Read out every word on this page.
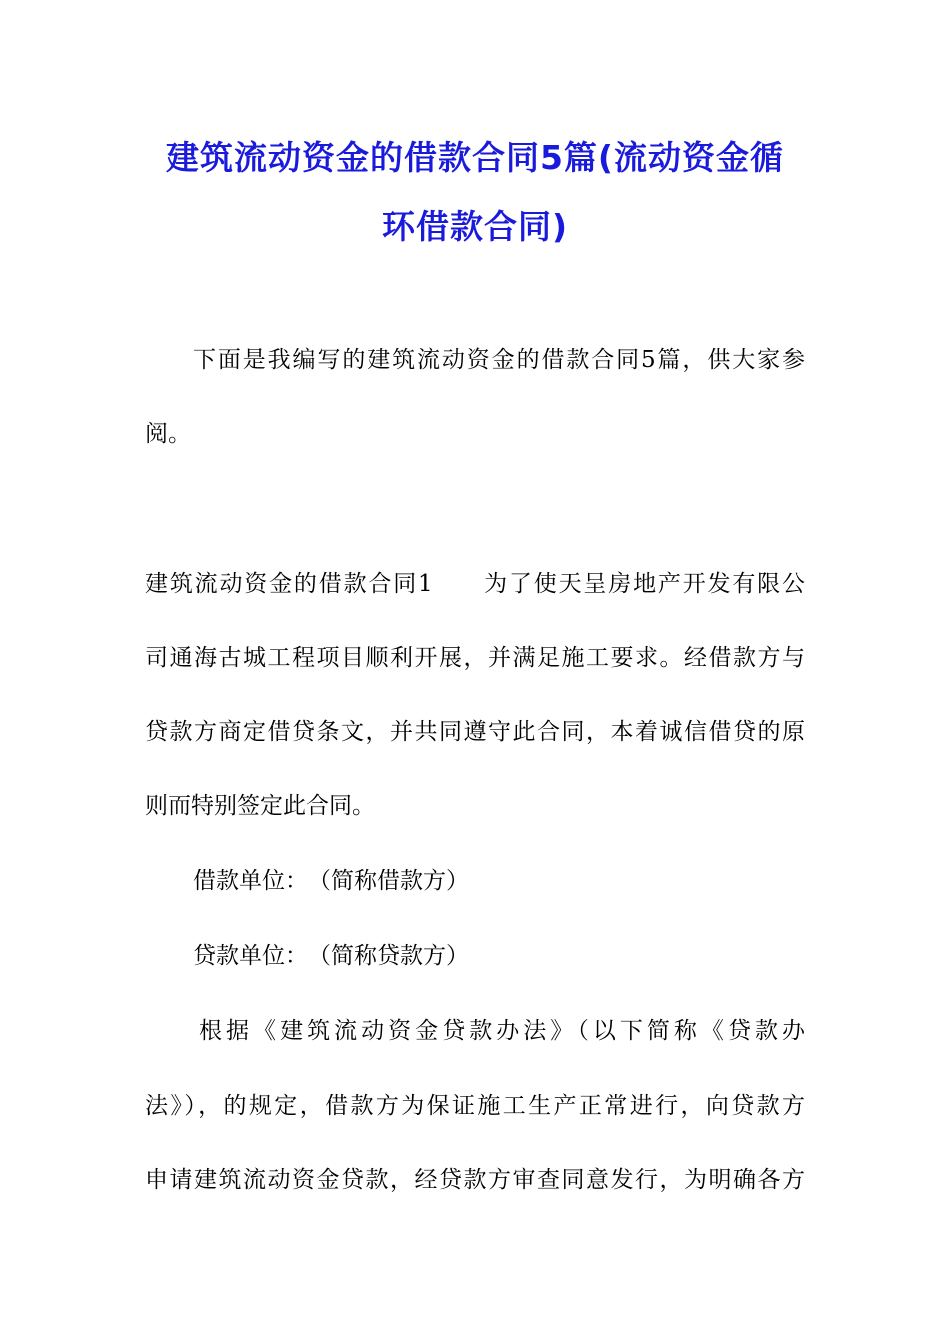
建筑流动资金的借款合同5篇(流动资金循
环借款合同)
下面是我编写的建筑流动资金的借款合同5篇，供大家参
阅。
建筑流动资金的借款合同1　　为了使天呈房地产开发有限公
司通海古城工程项目顺利开展，并满足施工要求。经借款方与
贷款方商定借贷条文，并共同遵守此合同，本着诚信借贷的原
则而特别签定此合同。
借款单位：　（简称借款方）
贷款单位：　（简称贷款方）
根据《建筑流动资金贷款办法》（以下简称《贷款办
法》），的规定，借款方为保证施工生产正常进行，向贷款方
申请建筑流动资金贷款，经贷款方审查同意发行，为明确各方
